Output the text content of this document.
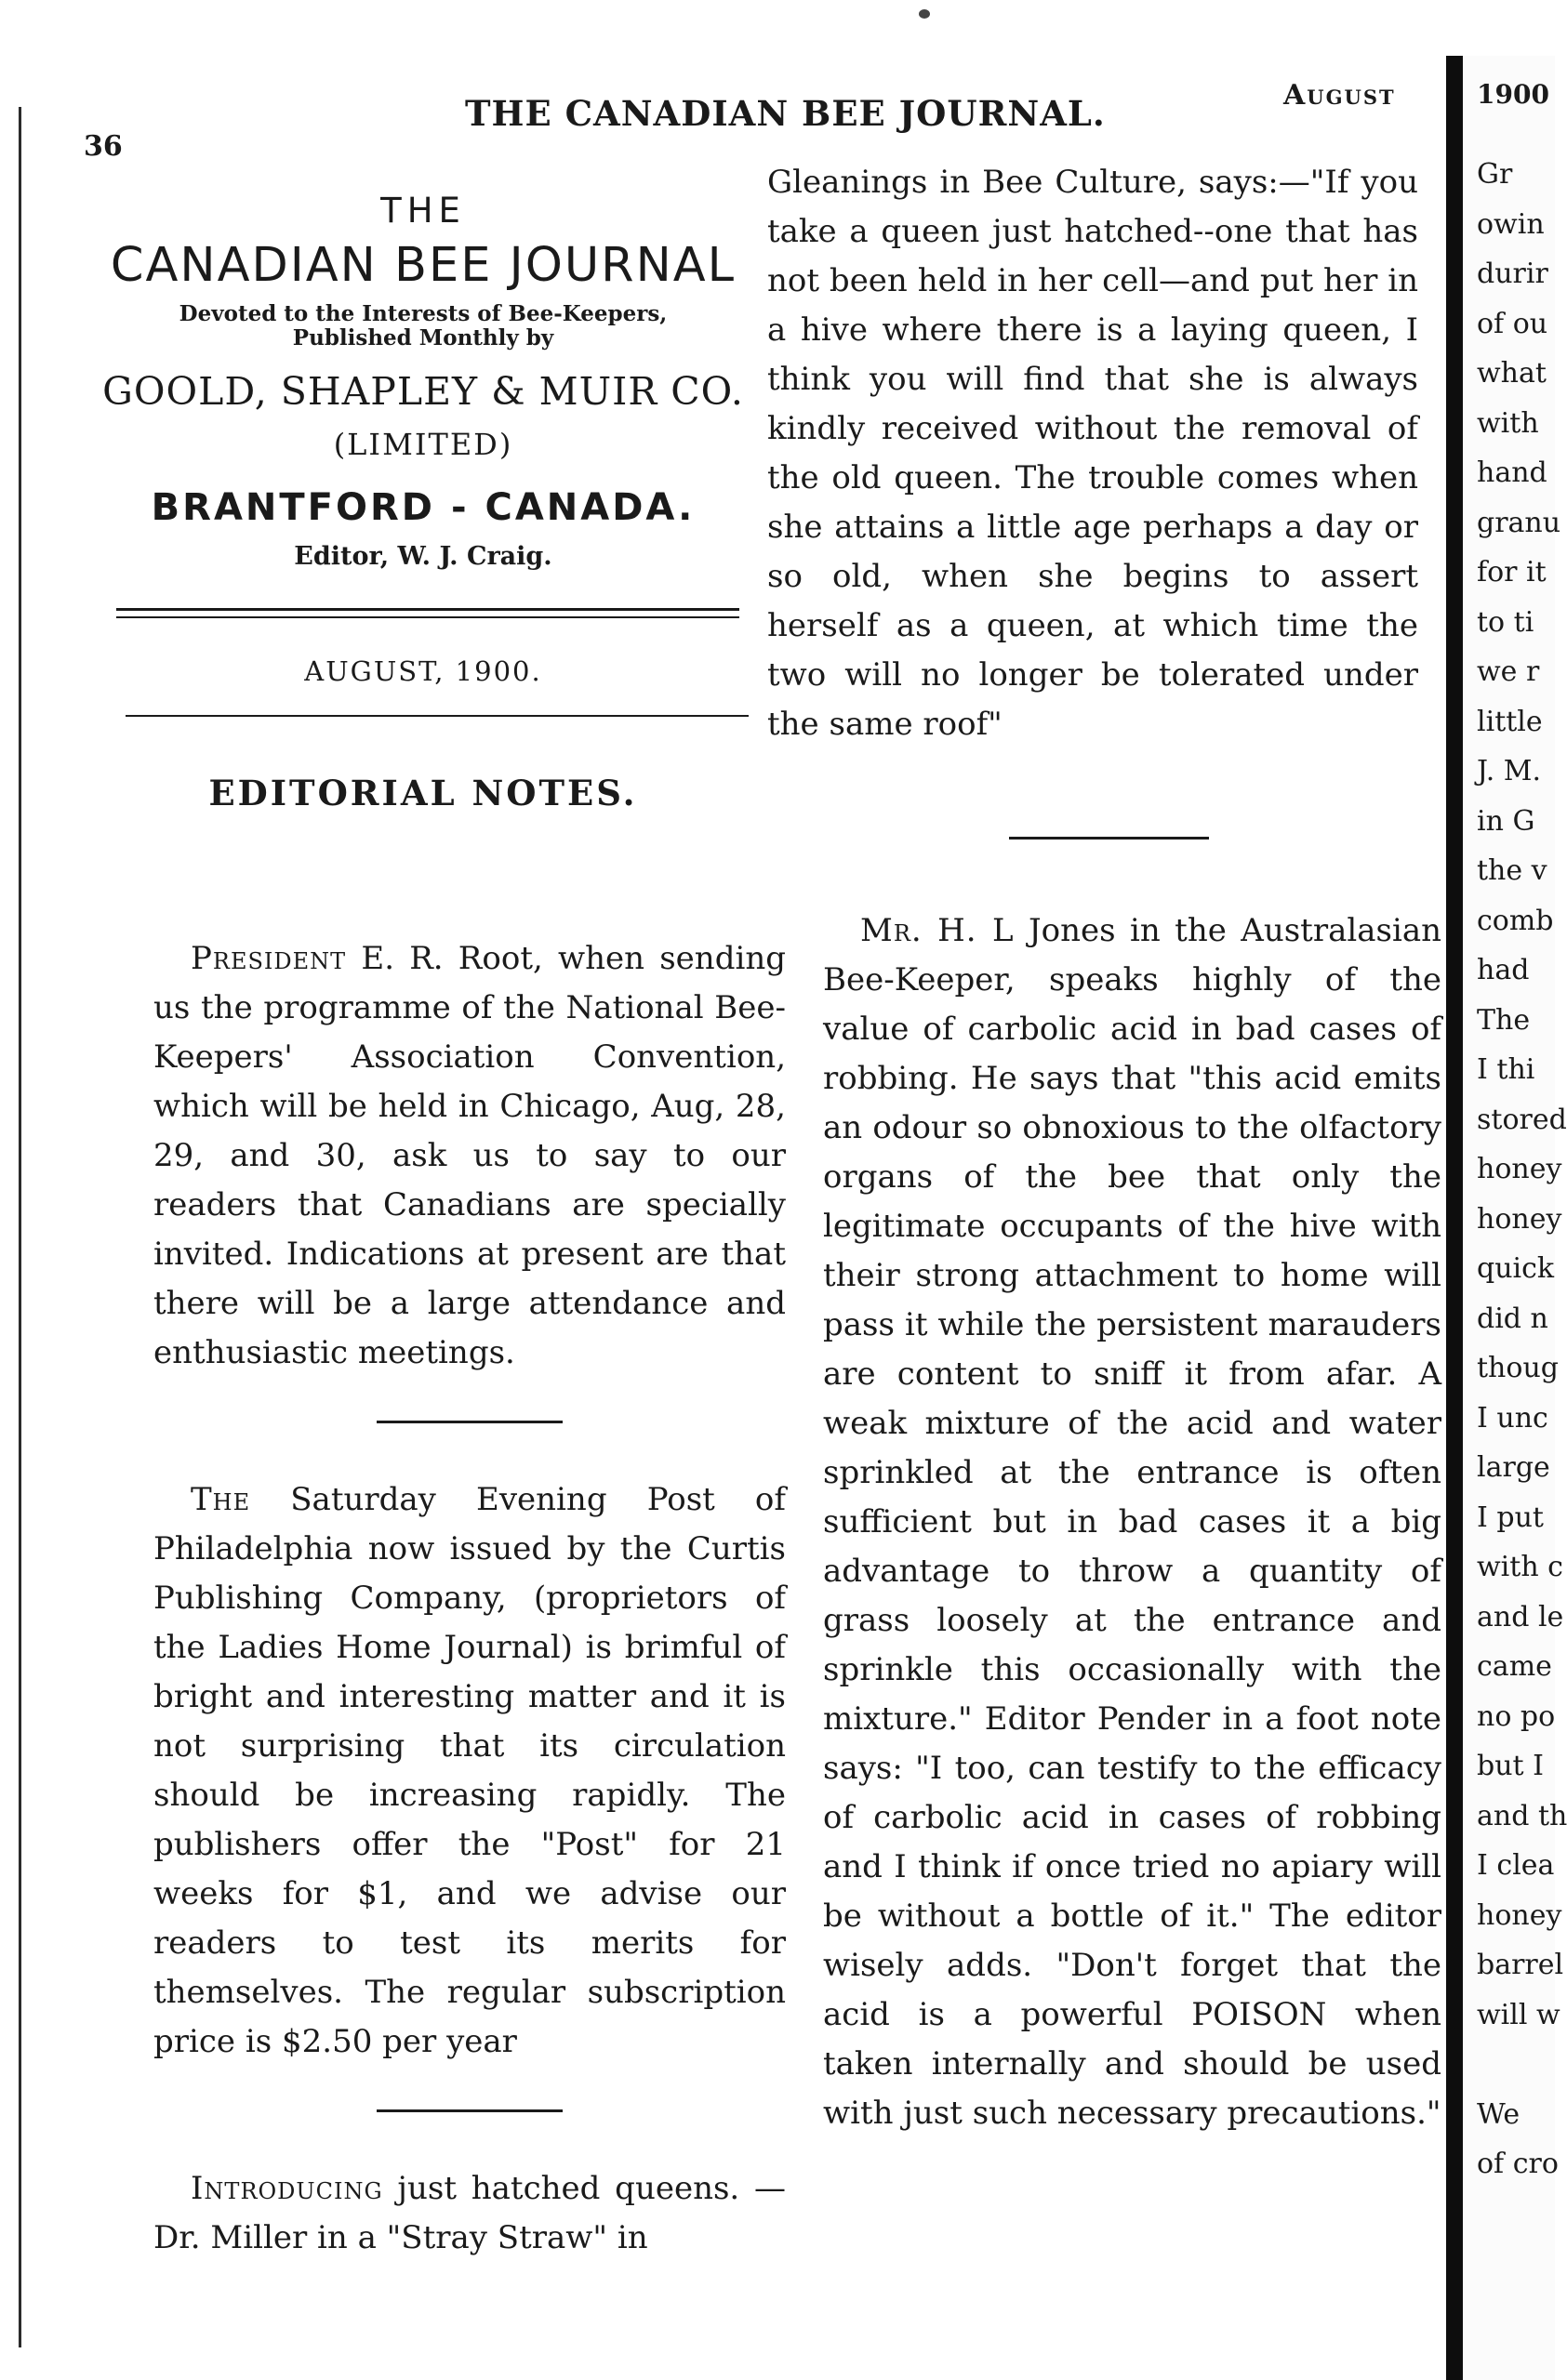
36
THE CANADIAN BEE JOURNAL.	August
THE
CANADIAN BEE JOURNAL
Devoted to the Interests of Bee-Keepers,
Published Monthly by
GOOLD, SHAPLEY & MUIR CO.
(LIMITED)
BRANTFORD - CANADA.
Editor, W. J. Craig.
AUGUST, 1900.
EDITORIAL NOTES.

President E. R. Root, when sending us the programme of the National Bee-Keepers' Association Convention, which will be held in Chicago, Aug, 28, 29, and 30, ask us to say to our readers that Canadians are specially invited. Indications at present are that there will be a large attendance and enthusiastic meetings.

The Saturday Evening Post of Philadelphia now issued by the Curtis Publishing Company, (proprietors of the Ladies Home Journal) is brimful of bright and interesting matter and it is not surprising that its circulation should be increasing rapidly. The publishers offer the "Post" for 21 weeks for $1, and we advise our readers to test its merits for themselves. The regular subscription price is $2.50 per year

Introducing just hatched queens. —Dr. Miller in a "Stray Straw" in

Gleanings in Bee Culture, says:—"If you take a queen just hatched--one that has not been held in her cell—and put her in a hive where there is a laying queen, I think you will find that she is always kindly received without the removal of the old queen. The trouble comes when she attains a little age perhaps a day or so old, when she begins to assert herself as a queen, at which time the two will no longer be tolerated under the same roof"

Mr. H. L Jones in the Australasian Bee-Keeper, speaks highly of the value of carbolic acid in bad cases of robbing. He says that "this acid emits an odour so obnoxious to the olfactory organs of the bee that only the legitimate occupants of the hive with their strong attachment to home will pass it while the persistent marauders are content to sniff it from afar. A weak mixture of the acid and water sprinkled at the entrance is often sufficient but in bad cases it a big advantage to throw a quantity of grass loosely at the entrance and sprinkle this occasionally with the mixture." Editor Pender in a foot note says: "I too, can testify to the efficacy of carbolic acid in cases of robbing and I think if once tried no apiary will be without a bottle of it." The editor wisely adds. "Don't forget that the acid is a powerful POISON when taken internally and should be used with just such necessary precautions."

1900
Gr
owin
durir
of ou
what
with
hand
granu
for it
to ti
we r
little
J. M.
in G
the v
comb
had
The
I thi
stored
honey
honey
quick
did n
thoug
I unc
large
I put
with c
and le
came
no po
but I
and th
I clea
honey
barrel
will w
We
of cro
